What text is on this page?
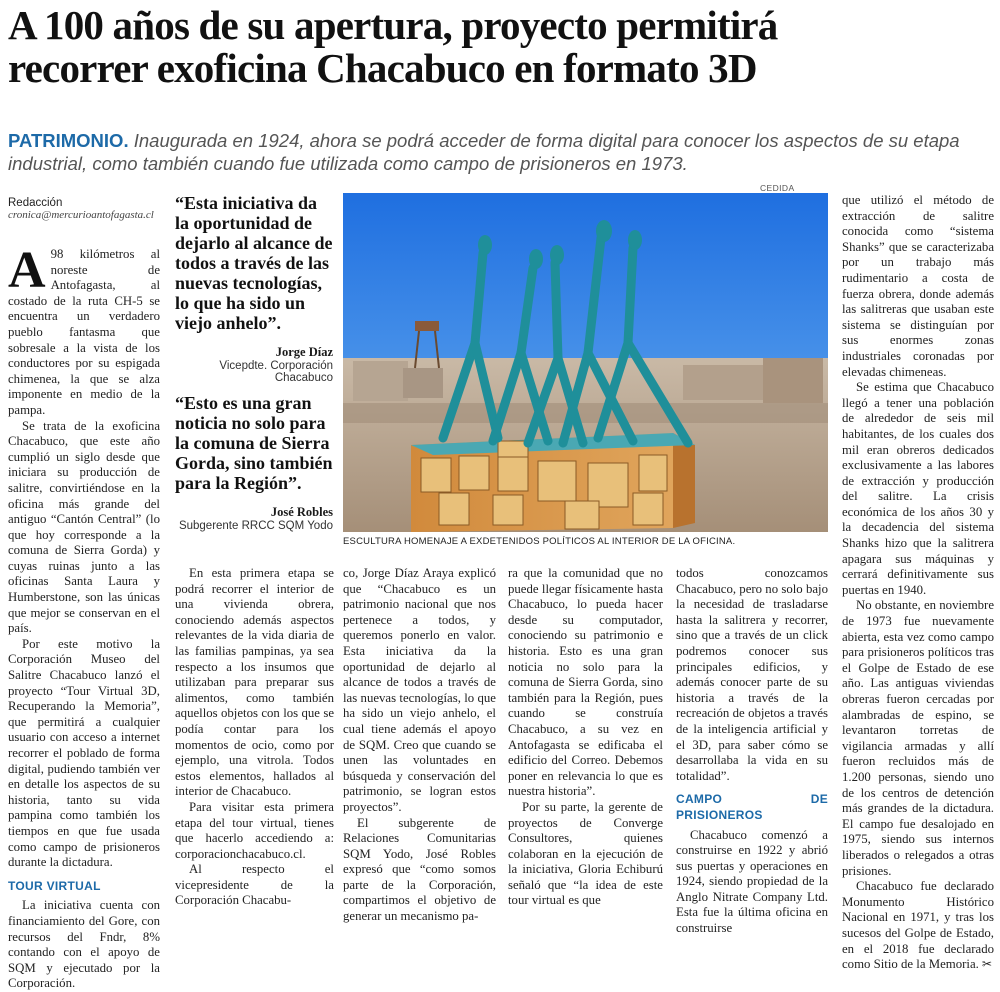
A 100 años de su apertura, proyecto permitirá
recorrer exoficina Chacabuco en formato 3D
PATRIMONIO. Inaugurada en 1924, ahora se podrá acceder de forma digital para conocer los aspectos de su etapa industrial, como también cuando fue utilizada como campo de prisioneros en 1973.
Redacción
cronica@mercurioantofagasta.cl
A 98 kilómetros al noreste de Antofagasta, al costado de la ruta CH-5 se encuentra un verdadero pueblo fantasma que sobresale a la vista de los conductores por su espigada chimenea, la que se alza imponente en medio de la pampa.

Se trata de la exoficina Chacabuco, que este año cumplió un siglo desde que iniciara su producción de salitre, convirtiéndose en la oficina más grande del antiguo “Cantón Central” (lo que hoy corresponde a la comuna de Sierra Gorda) y cuyas ruinas junto a las oficinas Santa Laura y Humberstone, son las únicas que mejor se conservan en el país.

Por este motivo la Corporación Museo del Salitre Chacabuco lanzó el proyecto “Tour Virtual 3D, Recuperando la Memoria”, que permitirá a cualquier usuario con acceso a internet recorrer el poblado de forma digital, pudiendo también ver en detalle los aspectos de su historia, tanto su vida pampina como también los tiempos en que fue usada como campo de prisioneros durante la dictadura.

TOUR VIRTUAL

La iniciativa cuenta con financiamiento del Gore, con recursos del Fndr, 8% contando con el apoyo de SQM y ejecutado por la Corporación.

“Esta iniciativa da la oportunidad de dejarlo al alcance de todos a través de las nuevas tecnologías, lo que ha sido un viejo anhelo”.
Jorge Díaz
Vicepdte. Corporación Chacabuco
“Esto es una gran noticia no solo para la comuna de Sierra Gorda, sino también para la Región”.
José Robles
Subgerente RRCC SQM Yodo
CEDIDA
ESCULTURA HOMENAJE A EXDETENIDOS POLÍTICOS AL INTERIOR DE LA OFICINA.

En esta primera etapa se podrá recorrer el interior de una vivienda obrera, conociendo además aspectos relevantes de la vida diaria de las familias pampinas, ya sea respecto a los insumos que utilizaban para preparar sus alimentos, como también aquellos objetos con los que se podía contar para los momentos de ocio, como por ejemplo, una vitrola. Todos estos elementos, hallados al interior de Chacabuco.

Para visitar esta primera etapa del tour virtual, tienes que hacerlo accediendo a: corporacionchacabuco.cl.

Al respecto el vicepresidente de la Corporación Chacabu-

co, Jorge Díaz Araya explicó que “Chacabuco es un patrimonio nacional que nos pertenece a todos, y queremos ponerlo en valor. Esta iniciativa da la oportunidad de dejarlo al alcance de todos a través de las nuevas tecnologías, lo que ha sido un viejo anhelo, el cual tiene además el apoyo de SQM. Creo que cuando se unen las voluntades en búsqueda y conservación del patrimonio, se logran estos proyectos”.

El subgerente de Relaciones Comunitarias SQM Yodo, José Robles expresó que “como somos parte de la Corporación, compartimos el objetivo de generar un mecanismo pa-

ra que la comunidad que no puede llegar físicamente hasta Chacabuco, lo pueda hacer desde su computador, conociendo su patrimonio e historia. Esto es una gran noticia no solo para la comuna de Sierra Gorda, sino también para la Región, pues cuando se construía Chacabuco, a su vez en Antofagasta se edificaba el edificio del Correo. Debemos poner en relevancia lo que es nuestra historia”.

Por su parte, la gerente de proyectos de Converge Consultores, quienes colaboran en la ejecución de la iniciativa, Gloria Echiburú señaló que “la idea de este tour virtual es que

todos conozcamos Chacabuco, pero no solo bajo la necesidad de trasladarse hasta la salitrera y recorrer, sino que a través de un click podremos conocer sus principales edificios, y además conocer parte de su historia a través de la recreación de objetos a través de la inteligencia artificial y el 3D, para saber cómo se desarrollaba la vida en su totalidad”.

CAMPO DE PRISIONEROS

Chacabuco comenzó a construirse en 1922 y abrió sus puertas y operaciones en 1924, siendo propiedad de la Anglo Nitrate Company Ltd. Esta fue la última oficina en construirse

que utilizó el método de extracción de salitre conocida como “sistema Shanks” que se caracterizaba por un trabajo más rudimentario a costa de fuerza obrera, donde además las salitreras que usaban este sistema se distinguían por sus enormes zonas industriales coronadas por elevadas chimeneas.

Se estima que Chacabuco llegó a tener una población de alrededor de seis mil habitantes, de los cuales dos mil eran obreros dedicados exclusivamente a las labores de extracción y producción del salitre. La crisis económica de los años 30 y la decadencia del sistema Shanks hizo que la salitrera apagara sus máquinas y cerrará definitivamente sus puertas en 1940.

No obstante, en noviembre de 1973 fue nuevamente abierta, esta vez como campo para prisioneros políticos tras el Golpe de Estado de ese año. Las antiguas viviendas obreras fueron cercadas por alambradas de espino, se levantaron torretas de vigilancia armadas y allí fueron recluidos más de 1.200 personas, siendo uno de los centros de detención más grandes de la dictadura. El campo fue desalojado en 1975, siendo sus internos liberados o relegados a otras prisiones.

Chacabuco fue declarado Monumento Histórico Nacional en 1971, y tras los sucesos del Golpe de Estado, en el 2018 fue declarado como Sitio de la Memoria. ✂
